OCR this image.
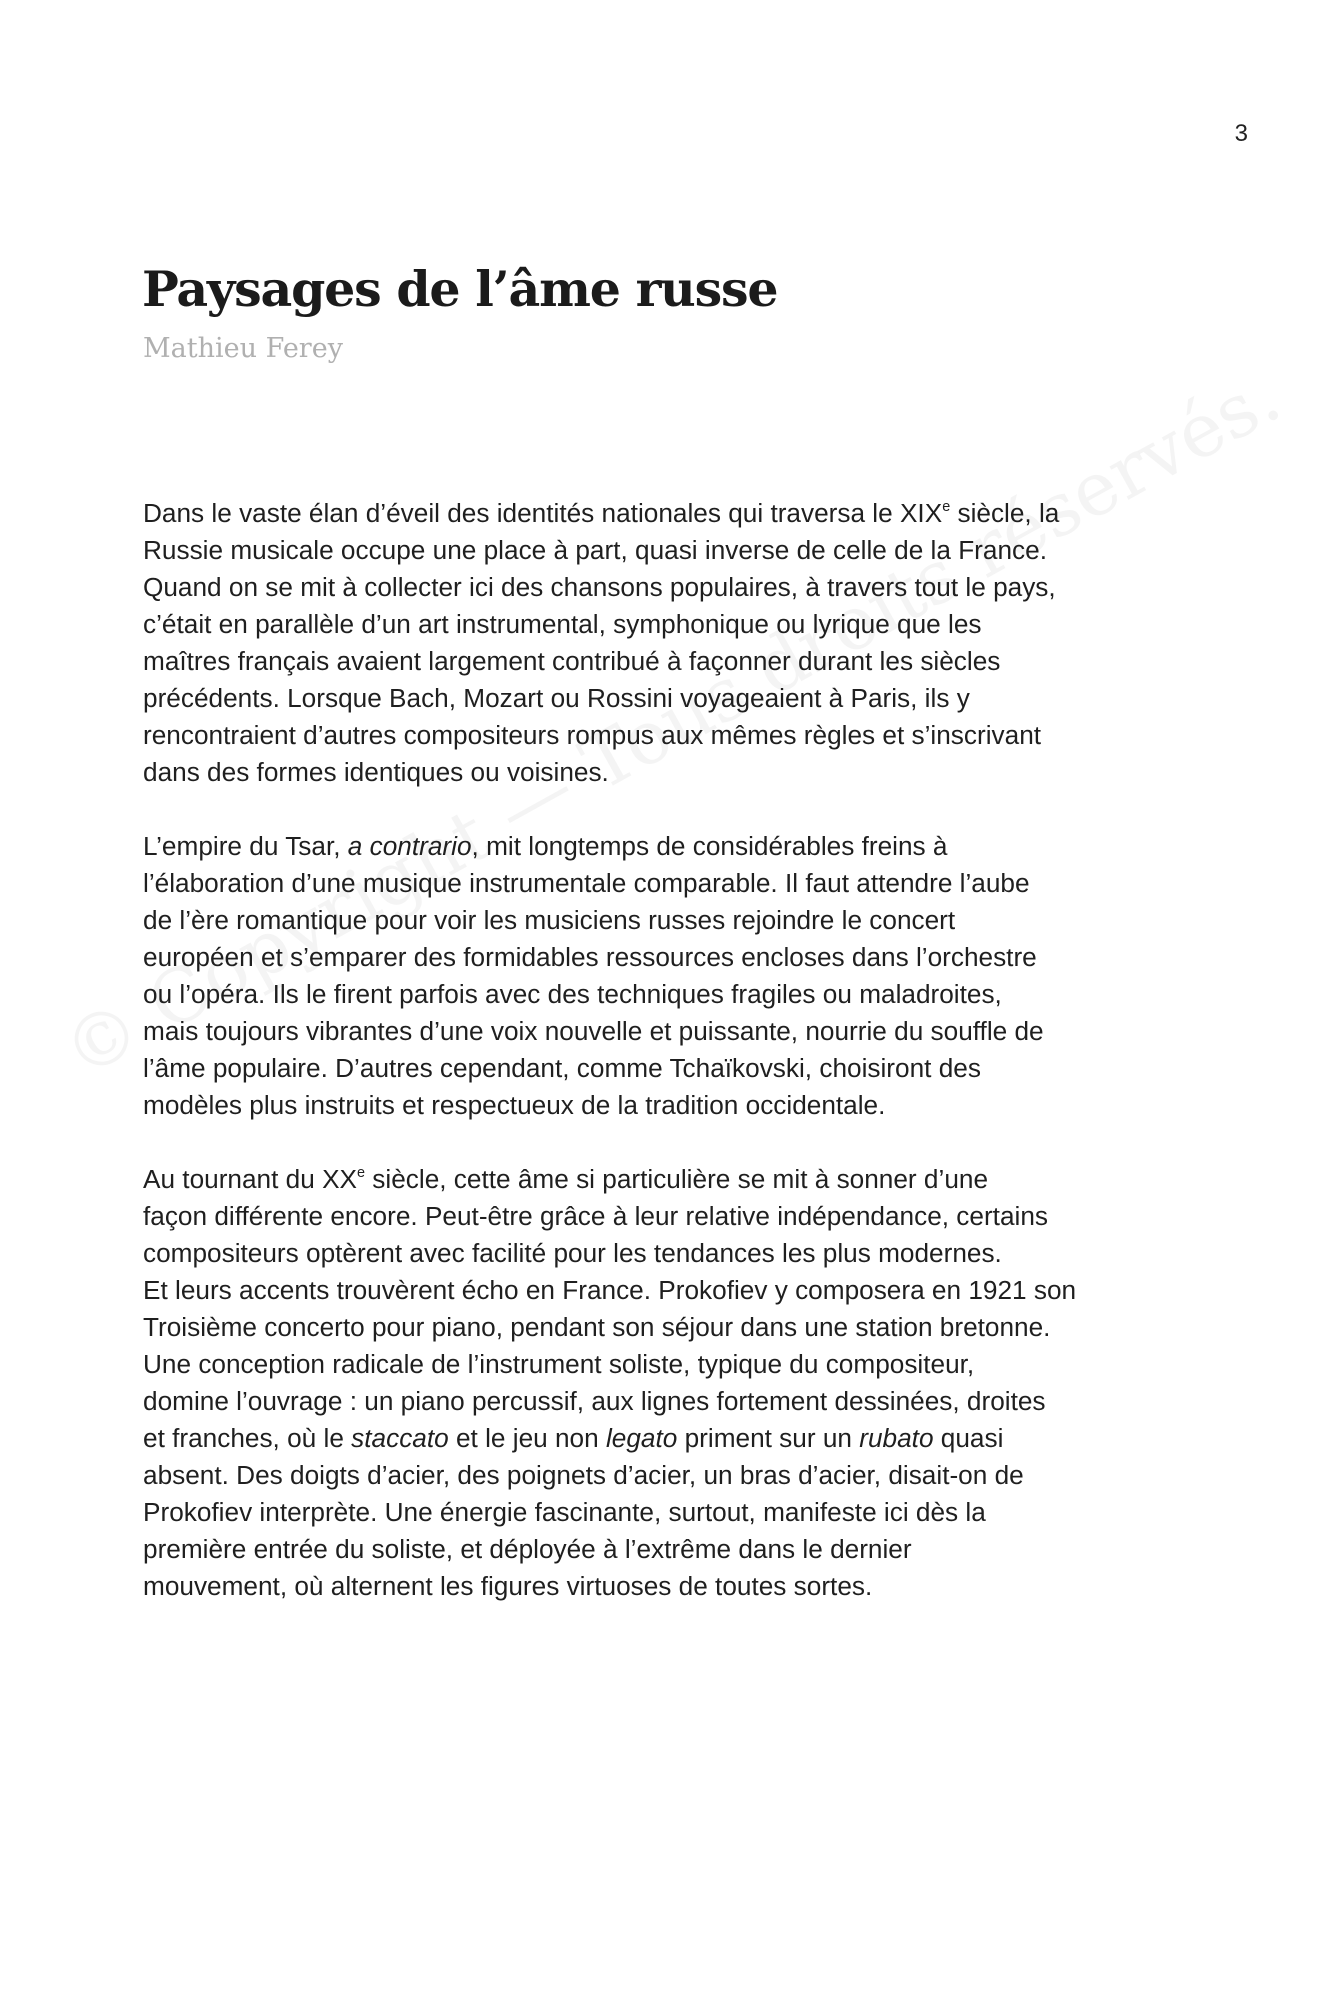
3

Paysages de l’âme russe

Mathieu Ferey

Dans le vaste élan d’éveil des identités nationales qui traversa le XIXe siècle, la
Russie musicale occupe une place à part, quasi inverse de celle de la France.
Quand on se mit à collecter ici des chansons populaires, à travers tout le pays,
c’était en parallèle d’un art instrumental, symphonique ou lyrique que les
maîtres français avaient largement contribué à façonner durant les siècles
précédents. Lorsque Bach, Mozart ou Rossini voyageaient à Paris, ils y
rencontraient d’autres compositeurs rompus aux mêmes règles et s’inscrivant
dans des formes identiques ou voisines.

L’empire du Tsar, a contrario, mit longtemps de considérables freins à
l’élaboration d’une musique instrumentale comparable. Il faut attendre l’aube
de l’ère romantique pour voir les musiciens russes rejoindre le concert
européen et s’emparer des formidables ressources encloses dans l’orchestre
ou l’opéra. Ils le firent parfois avec des techniques fragiles ou maladroites,
mais toujours vibrantes d’une voix nouvelle et puissante, nourrie du souffle de
l’âme populaire. D’autres cependant, comme Tchaïkovski, choisiront des
modèles plus instruits et respectueux de la tradition occidentale.

Au tournant du XXe siècle, cette âme si particulière se mit à sonner d’une
façon différente encore. Peut-être grâce à leur relative indépendance, certains
compositeurs optèrent avec facilité pour les tendances les plus modernes.
Et leurs accents trouvèrent écho en France. Prokofiev y composera en 1921 son
Troisième concerto pour piano, pendant son séjour dans une station bretonne.
Une conception radicale de l’instrument soliste, typique du compositeur,
domine l’ouvrage : un piano percussif, aux lignes fortement dessinées, droites
et franches, où le staccato et le jeu non legato priment sur un rubato quasi
absent. Des doigts d’acier, des poignets d’acier, un bras d’acier, disait-on de
Prokofiev interprète. Une énergie fascinante, surtout, manifeste ici dès la
première entrée du soliste, et déployée à l’extrême dans le dernier
mouvement, où alternent les figures virtuoses de toutes sortes.
